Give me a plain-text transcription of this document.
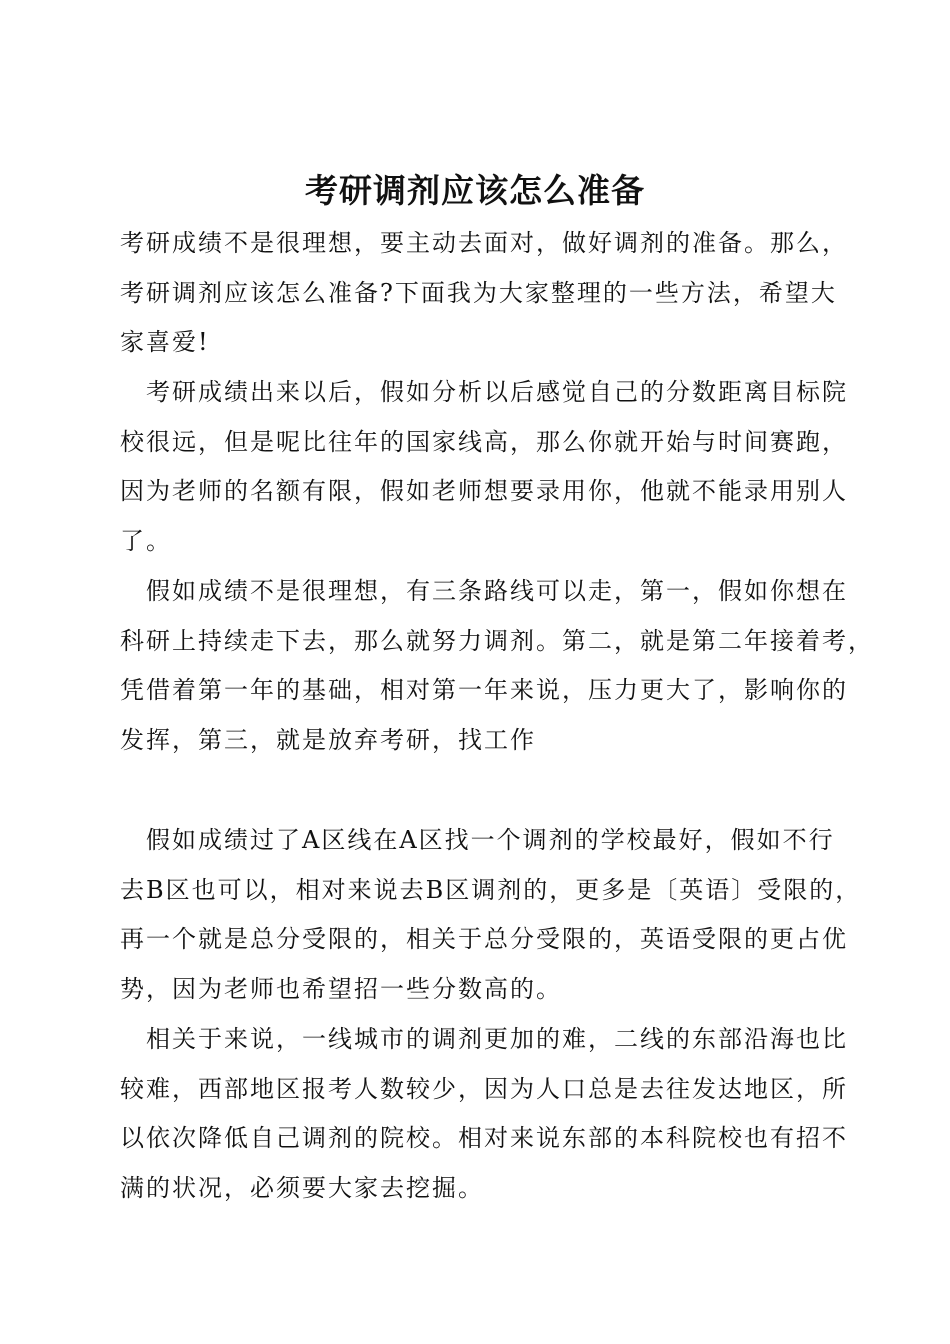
考研调剂应该怎么准备

考研成绩不是很理想，要主动去面对，做好调剂的准备。那么，
考研调剂应该怎么准备?下面我为大家整理的一些方法，希望大
家喜爱!

考研成绩出来以后，假如分析以后感觉自己的分数距离目标院
校很远，但是呢比往年的国家线高，那么你就开始与时间赛跑，
因为老师的名额有限，假如老师想要录用你，他就不能录用别人
了。

假如成绩不是很理想，有三条路线可以走，第一，假如你想在
科研上持续走下去，那么就努力调剂。第二，就是第二年接着考，
凭借着第一年的基础，相对第一年来说，压力更大了，影响你的
发挥，第三，就是放弃考研，找工作

假如成绩过了A区线在A区找一个调剂的学校最好，假如不行
去B区也可以，相对来说去B区调剂的，更多是〔英语〕受限的，
再一个就是总分受限的，相关于总分受限的，英语受限的更占优
势，因为老师也希望招一些分数高的。

相关于来说，一线城市的调剂更加的难，二线的东部沿海也比
较难，西部地区报考人数较少，因为人口总是去往发达地区，所
以依次降低自己调剂的院校。相对来说东部的本科院校也有招不
满的状况，必须要大家去挖掘。
